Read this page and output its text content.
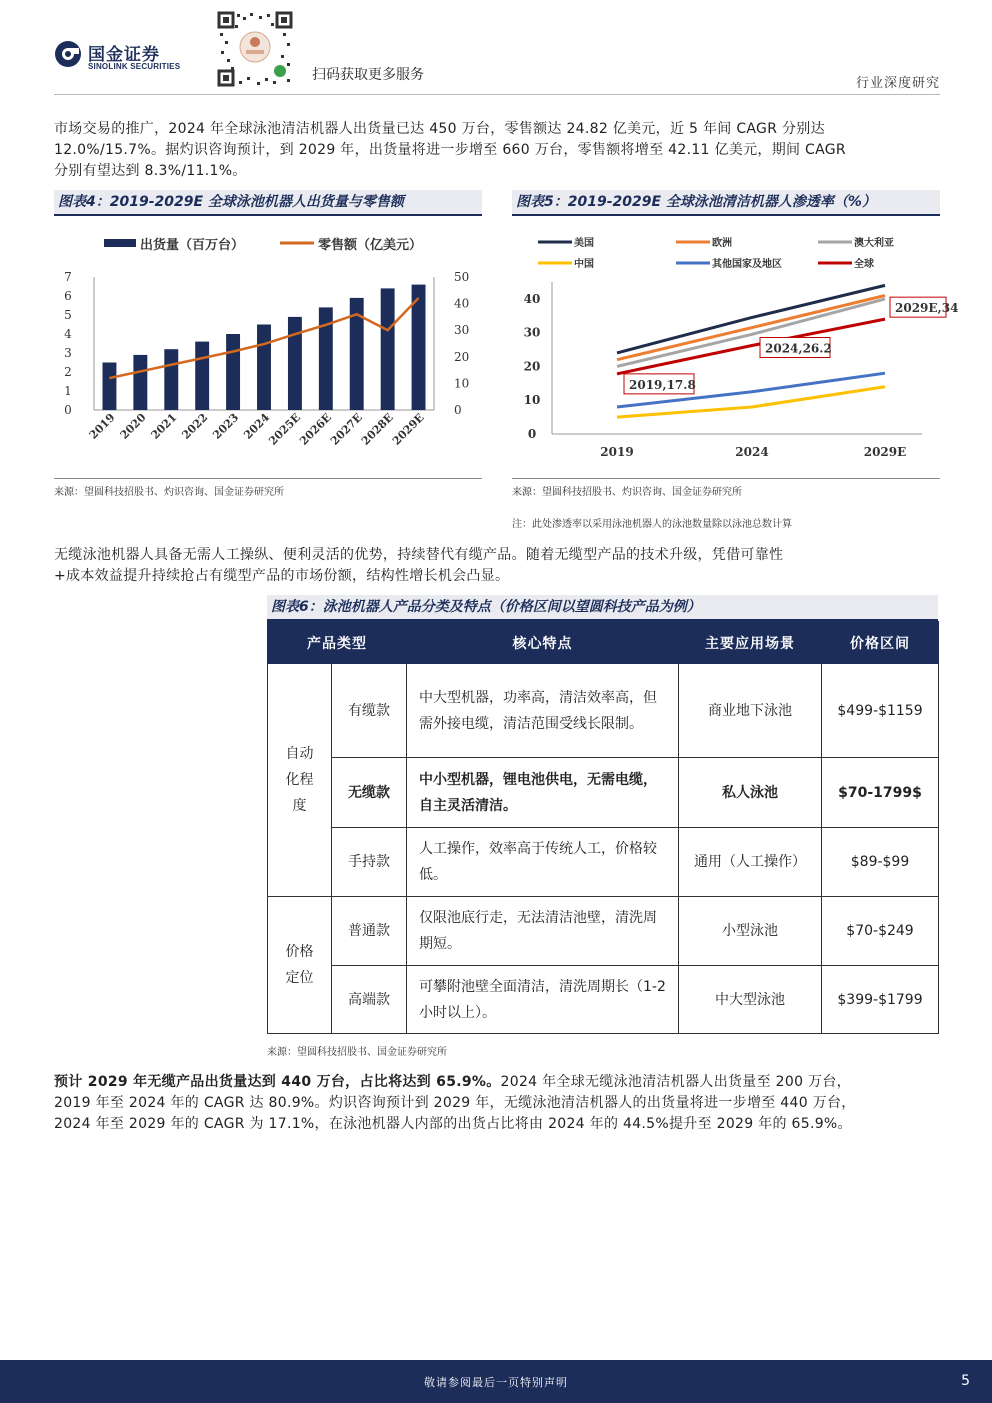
国金证券
SINOLINK SECURITIES
扫码获取更多服务
行业深度研究
市场交易的推广，2024 年全球泳池清洁机器人出货量已达 450 万台，零售额达 24.82 亿美元，近 5 年间 CAGR 分别达
12.0%/15.7%。据灼识咨询预计，到 2029 年，出货量将进一步增至 660 万台，零售额将增至 42.11 亿美元，期间 CAGR
分别有望达到 8.3%/11.1%。
图表4：2019-2029E 全球泳池机器人出货量与零售额
出货量（百万台）	零售额（亿美元）
0
1
2
3
4
5
6
7
0
10
20
30
40
50
2019 2020 2021 2022 2023 2024
2025E
2026E
2027E
2028E
2029E
来源：望圆科技招股书、灼识咨询、国金证券研究所
图表5：2019-2029E 全球泳池清洁机器人渗透率（%）
美国	欧洲	澳大利亚
中国	其他国家及地区	全球
0
10
20
30
40
2019	2024	2029E
2019,17.8
2024,26.2
2029E,34
来源：望圆科技招股书、灼识咨询、国金证券研究所
注：此处渗透率以采用泳池机器人的泳池数量除以泳池总数计算
无缆泳池机器人具备无需人工操纵、便利灵活的优势，持续替代有缆产品。随着无缆型产品的技术升级，凭借可靠性
+成本效益提升持续抢占有缆型产品的市场份额，结构性增长机会凸显。
图表6：泳池机器人产品分类及特点（价格区间以望圆科技产品为例）
产品类型		核心特点	主要应用场景	价格区间
自动化程度	有缆款	中大型机器，功率高，清洁效率高，但需外接电缆，清洁范围受线长限制。	商业地下泳池	$499-$1159
	无缆款	中小型机器，锂电池供电，无需电缆，自主灵活清洁。	私人泳池	$70-1799$
	手持款	人工操作，效率高于传统人工，价格较低。	通用（人工操作）	$89-$99
价格定位	普通款	仅限池底行走，无法清洁池壁，清洗周期短。	小型泳池	$70-$249
	高端款	可攀附池壁全面清洁，清洗周期长（1-2 小时以上）。	中大型泳池	$399-$1799
来源：望圆科技招股书、国金证券研究所
预计 2029 年无缆产品出货量达到 440 万台，占比将达到 65.9%。2024 年全球无缆泳池清洁机器人出货量至 200 万台，
2019 年至 2024 年的 CAGR 达 80.9%。灼识咨询预计到 2029 年，无缆泳池清洁机器人的出货量将进一步增至 440 万台，
2024 年至 2029 年的 CAGR 为 17.1%，在泳池机器人内部的出货占比将由 2024 年的 44.5%提升至 2029 年的 65.9%。
敬请参阅最后一页特别声明	5
